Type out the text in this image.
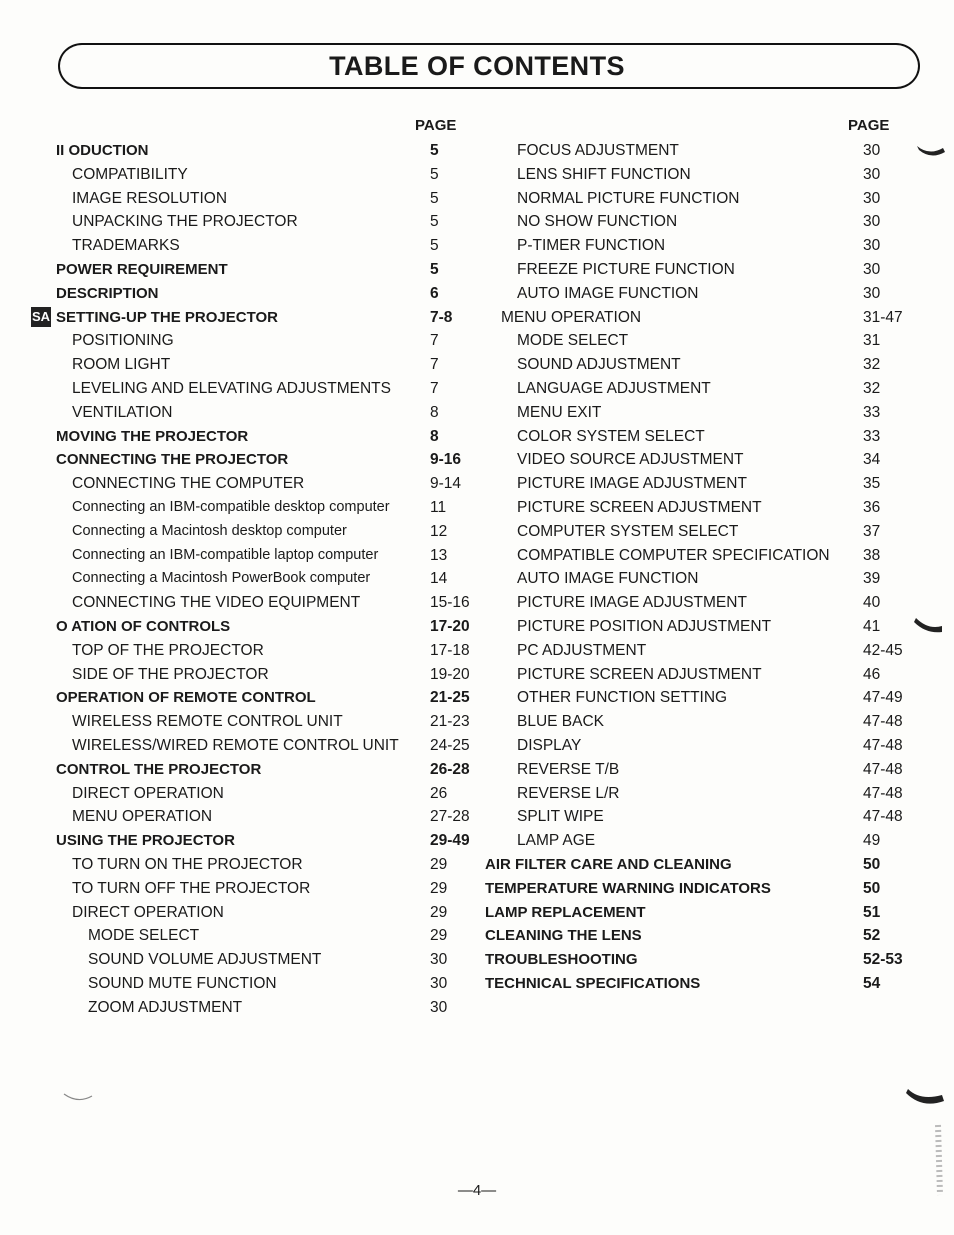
TABLE OF CONTENTS
PAGE	PAGE
SA
II ODUCTION	5
COMPATIBILITY	5
IMAGE RESOLUTION	5
UNPACKING THE PROJECTOR	5
TRADEMARKS	5
POWER REQUIREMENT	5
DESCRIPTION	6
SETTING-UP THE PROJECTOR	7-8
POSITIONING	7
ROOM LIGHT	7
LEVELING AND ELEVATING ADJUSTMENTS	7
VENTILATION	8
MOVING THE PROJECTOR	8
CONNECTING THE PROJECTOR	9-16
CONNECTING THE COMPUTER	9-14
Connecting an IBM-compatible desktop computer	11
Connecting a Macintosh desktop computer	12
Connecting an IBM-compatible laptop computer	13
Connecting a Macintosh PowerBook computer	14
CONNECTING THE VIDEO EQUIPMENT	15-16
O ATION OF CONTROLS	17-20
TOP OF THE PROJECTOR	17-18
SIDE OF THE PROJECTOR	19-20
OPERATION OF REMOTE CONTROL	21-25
WIRELESS REMOTE CONTROL UNIT	21-23
WIRELESS/WIRED REMOTE CONTROL UNIT 24-25
CONTROL THE PROJECTOR	26-28
DIRECT OPERATION	26
MENU OPERATION	27-28
USING THE PROJECTOR	29-49
TO TURN ON THE PROJECTOR	29
TO TURN OFF THE PROJECTOR	29
DIRECT OPERATION	29
MODE SELECT	29
SOUND VOLUME ADJUSTMENT	30
SOUND MUTE FUNCTION	30
ZOOM ADJUSTMENT	30
FOCUS ADJUSTMENT	30
LENS SHIFT FUNCTION	30
NORMAL PICTURE FUNCTION	30
NO SHOW FUNCTION	30
P-TIMER FUNCTION	30
FREEZE PICTURE FUNCTION	30
AUTO IMAGE FUNCTION	30
MENU OPERATION	31-47
MODE SELECT	31
SOUND ADJUSTMENT	32
LANGUAGE ADJUSTMENT	32
MENU EXIT	33
COLOR SYSTEM SELECT	33
VIDEO SOURCE ADJUSTMENT	34
PICTURE IMAGE ADJUSTMENT	35
PICTURE SCREEN ADJUSTMENT	36
COMPUTER SYSTEM SELECT	37
COMPATIBLE COMPUTER SPECIFICATION 38
AUTO IMAGE FUNCTION	39
PICTURE IMAGE ADJUSTMENT	40
PICTURE POSITION ADJUSTMENT	41
PC ADJUSTMENT	42-45
PICTURE SCREEN ADJUSTMENT	46
OTHER FUNCTION SETTING	47-49
BLUE BACK	47-48
DISPLAY	47-48
REVERSE T/B	47-48
REVERSE L/R	47-48
SPLIT WIPE	47-48
LAMP AGE	49
AIR FILTER CARE AND CLEANING	50
TEMPERATURE WARNING INDICATORS	50
LAMP REPLACEMENT	51
CLEANING THE LENS	52
TROUBLESHOOTING	52-53
TECHNICAL SPECIFICATIONS	54
—4—
